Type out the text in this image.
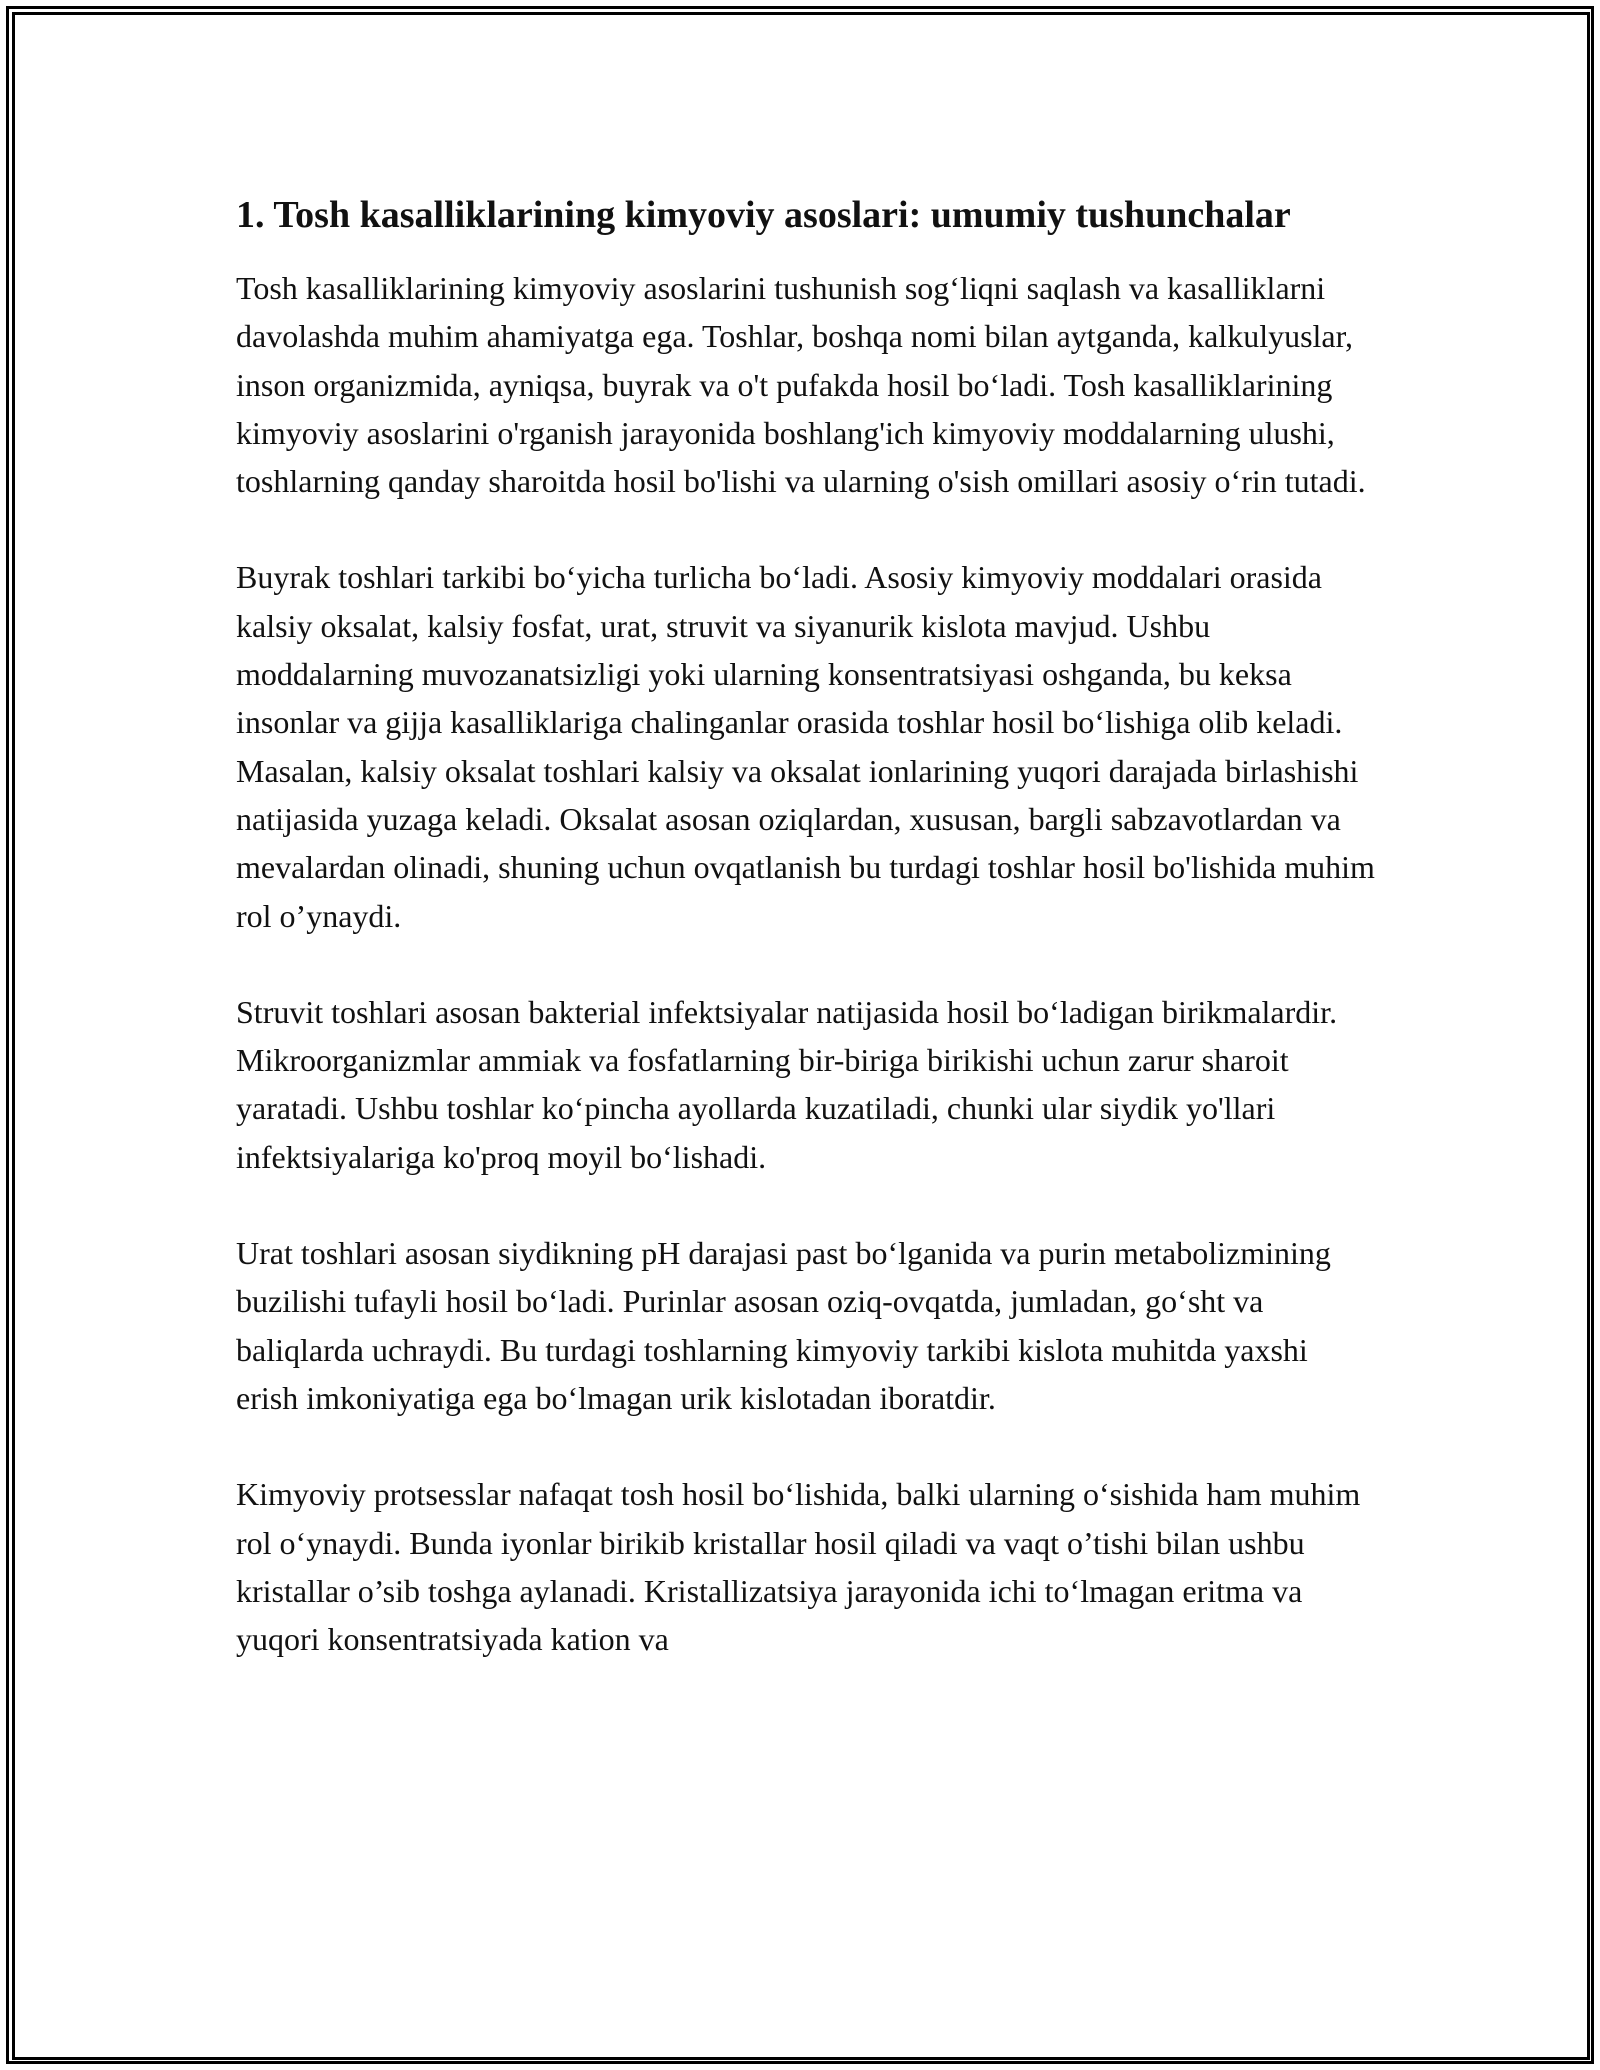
1. Tosh kasalliklarining kimyoviy asoslari: umumiy tushunchalar

Tosh kasalliklarining kimyoviy asoslarini tushunish sog‘liqni saqlash va kasalliklarni davolashda muhim ahamiyatga ega. Toshlar, boshqa nomi bilan aytganda, kalkulyuslar, inson organizmida, ayniqsa, buyrak va o't pufakda hosil bo‘ladi. Tosh kasalliklarining kimyoviy asoslarini o'rganish jarayonida boshlang'ich kimyoviy moddalarning ulushi, toshlarning qanday sharoitda hosil bo'lishi va ularning o'sish omillari asosiy o‘rin tutadi.

Buyrak toshlari tarkibi bo‘yicha turlicha bo‘ladi. Asosiy kimyoviy moddalari orasida kalsiy oksalat, kalsiy fosfat, urat, struvit va siyanurik kislota mavjud. Ushbu moddalarning muvozanatsizligi yoki ularning konsentratsiyasi oshganda, bu keksa insonlar va gijja kasalliklariga chalinganlar orasida toshlar hosil bo‘lishiga olib keladi. Masalan, kalsiy oksalat toshlari kalsiy va oksalat ionlarining yuqori darajada birlashishi natijasida yuzaga keladi. Oksalat asosan oziqlardan, xususan, bargli sabzavotlardan va mevalardan olinadi, shuning uchun ovqatlanish bu turdagi toshlar hosil bo'lishida muhim rol o’ynaydi.

Struvit toshlari asosan bakterial infektsiyalar natijasida hosil bo‘ladigan birikmalardir. Mikroorganizmlar ammiak va fosfatlarning bir-biriga birikishi uchun zarur sharoit yaratadi. Ushbu toshlar ko‘pincha ayollarda kuzatiladi, chunki ular siydik yo'llari infektsiyalariga ko'proq moyil bo‘lishadi.

Urat toshlari asosan siydikning pH darajasi past bo‘lganida va purin metabolizmining buzilishi tufayli hosil bo‘ladi. Purinlar asosan oziq-ovqatda, jumladan, go‘sht va baliqlarda uchraydi. Bu turdagi toshlarning kimyoviy tarkibi kislota muhitda yaxshi erish imkoniyatiga ega bo‘lmagan urik kislotadan iboratdir.

Kimyoviy protsesslar nafaqat tosh hosil bo‘lishida, balki ularning o‘sishida ham muhim rol o‘ynaydi. Bunda iyonlar birikib kristallar hosil qiladi va vaqt o’tishi bilan ushbu kristallar o’sib toshga aylanadi. Kristallizatsiya jarayonida ichi to‘lmagan eritma va yuqori konsentratsiyada kation va
